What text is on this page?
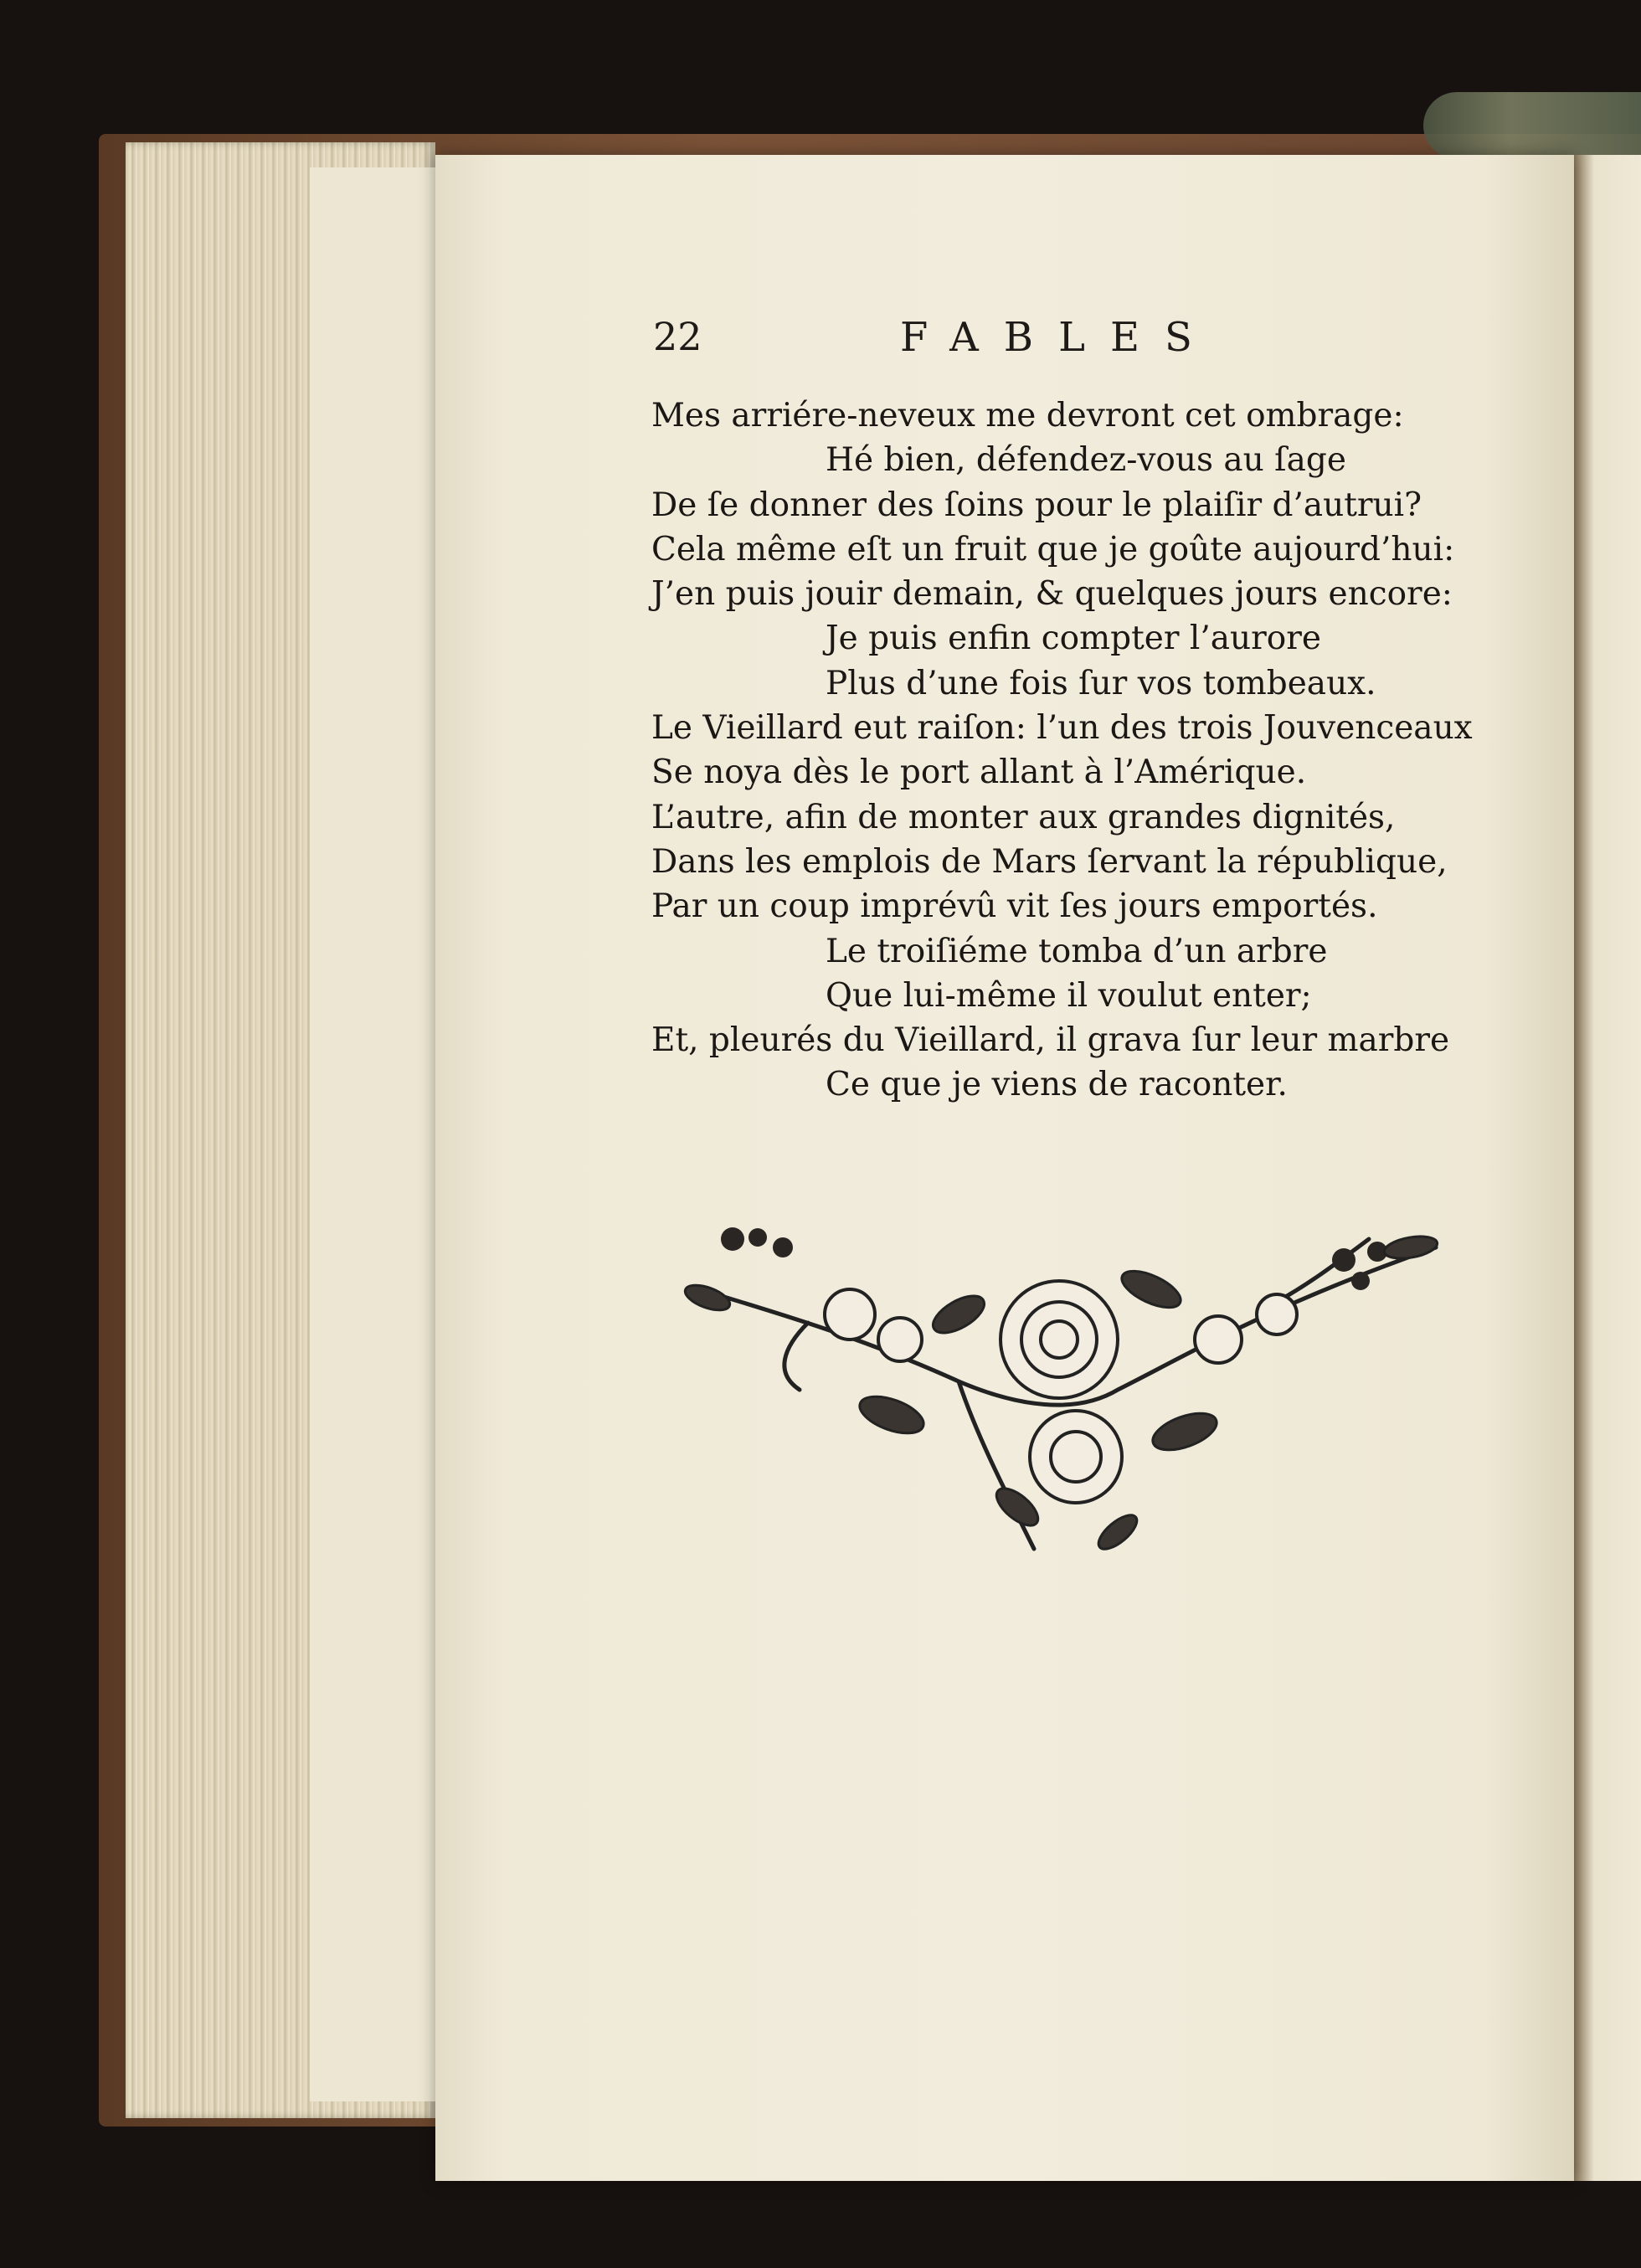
22	FABLES
Mes arriére-neveux me devront cet ombrage:
Hé bien, défendez-vous au ſage
De ſe donner des ſoins pour le plaiſir d’autrui?
Cela même eſt un fruit que je goûte aujourd’hui:
J’en puis jouir demain, & quelques jours encore:
Je puis enfin compter l’aurore
Plus d’une fois ſur vos tombeaux.
Le Vieillard eut raiſon: l’un des trois Jouvenceaux
Se noya dès le port allant à l’Amérique.
L’autre, afin de monter aux grandes dignités,
Dans les emplois de Mars ſervant la république,
Par un coup imprévû vit ſes jours emportés.
Le troiſiéme tomba d’un arbre
Que lui-même il voulut enter;
Et, pleurés du Vieillard, il grava ſur leur marbre
Ce que je viens de raconter.
